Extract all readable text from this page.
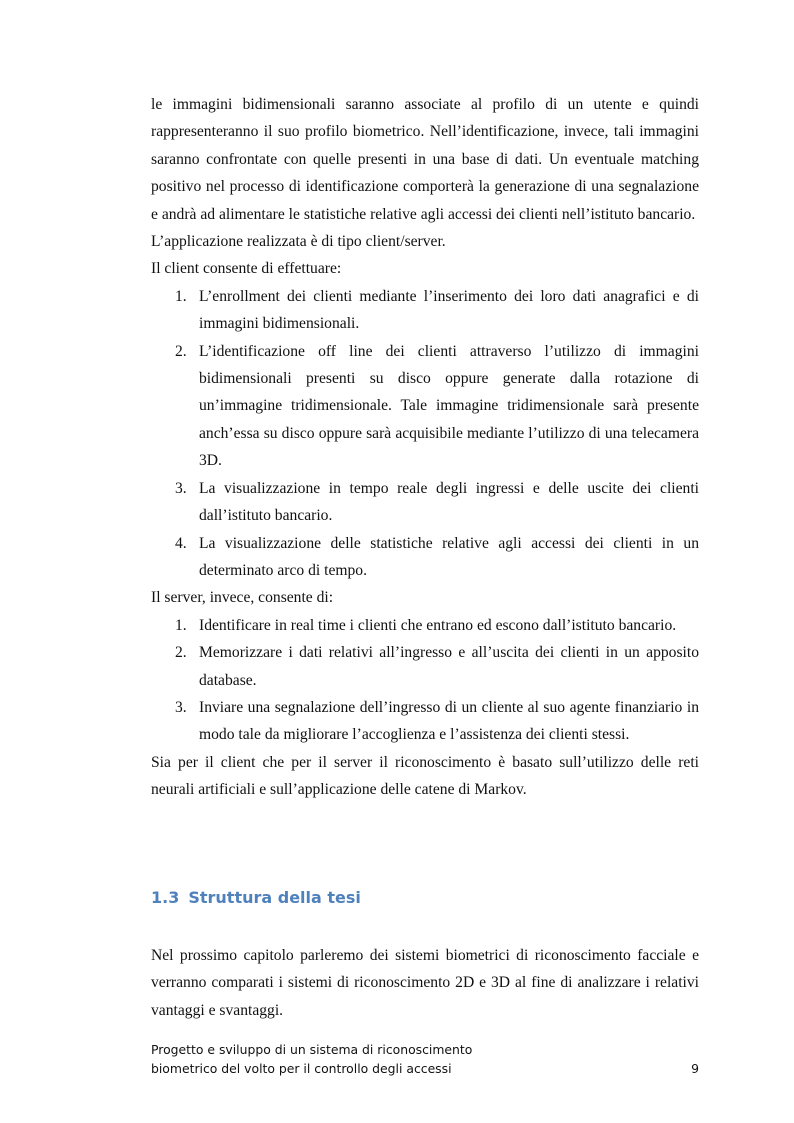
le immagini bidimensionali saranno associate al profilo di un utente e quindi rappresenteranno il suo profilo biometrico. Nell’identificazione, invece, tali immagini saranno confrontate con quelle presenti in una base di dati. Un eventuale matching positivo nel processo di identificazione comporterà la generazione di una segnalazione e andrà ad alimentare le statistiche relative agli accessi dei clienti nell’istituto bancario.

L’applicazione realizzata è di tipo client/server.

Il client consente di effettuare:

1. L’enrollment dei clienti mediante l’inserimento dei loro dati anagrafici e di immagini bidimensionali.
2. L’identificazione off line dei clienti attraverso l’utilizzo di immagini bidimensionali presenti su disco oppure generate dalla rotazione di un’immagine tridimensionale. Tale immagine tridimensionale sarà presente anch’essa su disco oppure sarà acquisibile mediante l’utilizzo di una telecamera 3D.
3. La visualizzazione in tempo reale degli ingressi e delle uscite dei clienti dall’istituto bancario.
4. La visualizzazione delle statistiche relative agli accessi dei clienti in un determinato arco di tempo.

Il server, invece, consente di:

1. Identificare in real time i clienti che entrano ed escono dall’istituto bancario.
2. Memorizzare i dati relativi all’ingresso e all’uscita dei clienti in un apposito database.
3. Inviare una segnalazione dell’ingresso di un cliente al suo agente finanziario in modo tale da migliorare l’accoglienza e l’assistenza dei clienti stessi.

Sia per il client che per il server il riconoscimento è basato sull’utilizzo delle reti neurali artificiali e sull’applicazione delle catene di Markov.

1.3 Struttura della tesi

Nel prossimo capitolo parleremo dei sistemi biometrici di riconoscimento facciale e verranno comparati i sistemi di riconoscimento 2D e 3D al fine di analizzare i relativi vantaggi e svantaggi.

Progetto e sviluppo di un sistema di riconoscimento
biometrico del volto per il controllo degli accessi	9
